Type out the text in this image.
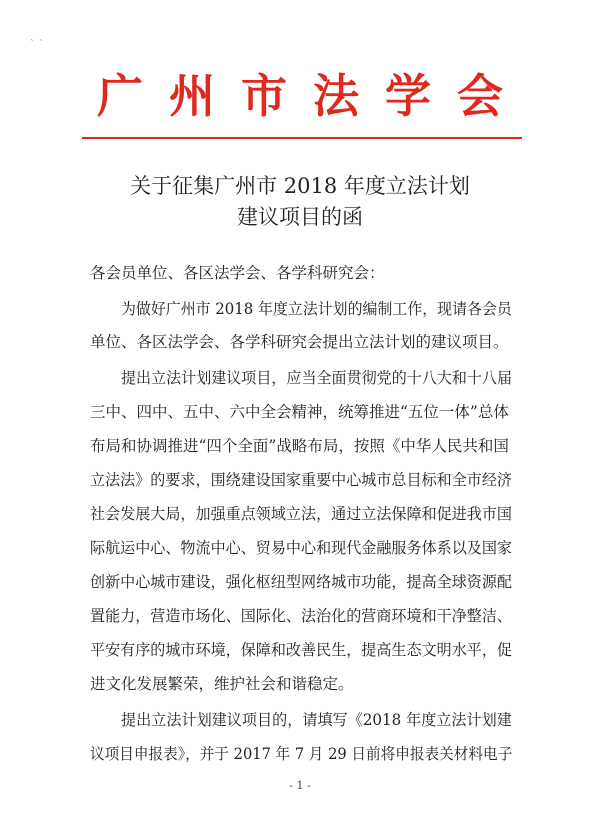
` `
广州市法学会
关于征集广州市 2018 年度立法计划
建议项目的函
各会员单位、各区法学会、各学科研究会：
为做好广州市 2018 年度立法计划的编制工作，现请各会员
单位、各区法学会、各学科研究会提出立法计划的建议项目。
提出立法计划建议项目，应当全面贯彻党的十八大和十八届
三中、四中、五中、六中全会精神，统筹推进“五位一体”总体
布局和协调推进“四个全面”战略布局，按照《中华人民共和国
立法法》的要求，围绕建设国家重要中心城市总目标和全市经济
社会发展大局，加强重点领域立法，通过立法保障和促进我市国
际航运中心、物流中心、贸易中心和现代金融服务体系以及国家
创新中心城市建设，强化枢纽型网络城市功能，提高全球资源配
置能力，营造市场化、国际化、法治化的营商环境和干净整洁、
平安有序的城市环境，保障和改善民生，提高生态文明水平，促
进文化发展繁荣，维护社会和谐稳定。
提出立法计划建议项目的，请填写《2018 年度立法计划建
议项目申报表》，并于 2017 年 7 月 29 日前将申报表关材料电子
- 1 -
